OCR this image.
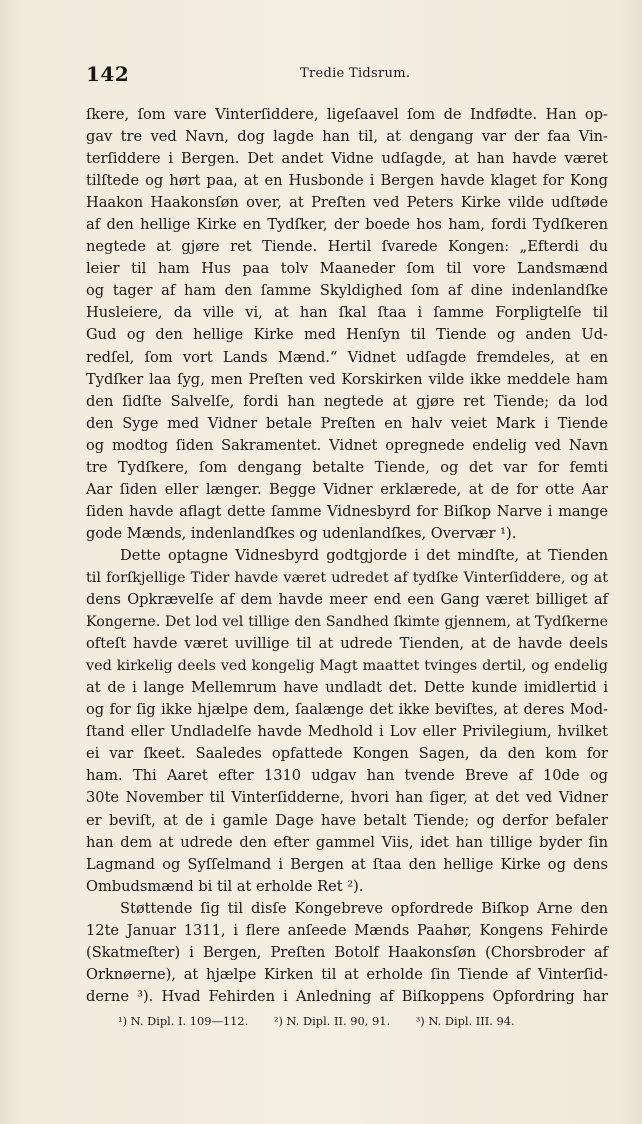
142	Tredie Tidsrum.
ſkere, ſom vare Vinterſiddere, ligeſaavel ſom de Indfødte. Han op-
gav tre ved Navn, dog lagde han til, at dengang var der faa Vin-
terſiddere i Bergen. Det andet Vidne udſagde, at han havde været
tilſtede og hørt paa, at en Husbonde i Bergen havde klaget for Kong
Haakon Haakonsſøn over, at Preſten ved Peters Kirke vilde udſtøde
af den hellige Kirke en Tydſker, der boede hos ham, fordi Tydſkeren
negtede at gjøre ret Tiende. Hertil ſvarede Kongen: „Efterdi du
leier til ham Hus paa tolv Maaneder ſom til vore Landsmænd
og tager af ham den ſamme Skyldighed ſom af dine indenlandſke
Husleiere, da ville vi, at han ſkal ſtaa i ſamme Forpligtelſe til
Gud og den hellige Kirke med Henſyn til Tiende og anden Ud-
redſel, ſom vort Lands Mænd.“ Vidnet udſagde fremdeles, at en
Tydſker laa ſyg, men Preſten ved Korskirken vilde ikke meddele ham
den ſidſte Salvelſe, fordi han negtede at gjøre ret Tiende; da lod
den Syge med Vidner betale Preſten en halv veiet Mark i Tiende
og modtog ſiden Sakramentet. Vidnet opregnede endelig ved Navn
tre Tydſkere, ſom dengang betalte Tiende, og det var for femti
Aar ſiden eller længer. Begge Vidner erklærede, at de for otte Aar
ſiden havde aflagt dette ſamme Vidnesbyrd for Biſkop Narve i mange
gode Mænds, indenlandſkes og udenlandſkes, Overvær ¹).
Dette optagne Vidnesbyrd godtgjorde i det mindſte, at Tienden
til forſkjellige Tider havde været udredet af tydſke Vinterſiddere, og at
dens Opkrævelſe af dem havde meer end een Gang været billiget af
Kongerne. Det lod vel tillige den Sandhed ſkimte gjennem, at Tydſkerne
ofteſt havde været uvillige til at udrede Tienden, at de havde deels
ved kirkelig deels ved kongelig Magt maattet tvinges dertil, og endelig
at de i lange Mellemrum have undladt det. Dette kunde imidlertid i
og for ſig ikke hjælpe dem, ſaalænge det ikke beviſtes, at deres Mod-
ſtand eller Undladelſe havde Medhold i Lov eller Privilegium, hvilket
ei var ſkeet. Saaledes opfattede Kongen Sagen, da den kom for
ham. Thi Aaret efter 1310 udgav han tvende Breve af 10de og
30te November til Vinterſidderne, hvori han ſiger, at det ved Vidner
er beviſt, at de i gamle Dage have betalt Tiende; og derfor befaler
han dem at udrede den efter gammel Viis, idet han tillige byder ſin
Lagmand og Syſſelmand i Bergen at ſtaa den hellige Kirke og dens
Ombudsmænd bi til at erholde Ret ²).
Støttende ſig til disſe Kongebreve opfordrede Biſkop Arne den
12te Januar 1311, i flere anſeede Mænds Paahør, Kongens Fehirde
(Skatmeſter) i Bergen, Preſten Botolf Haakonsſøn (Chorsbroder af
Orknøerne), at hjælpe Kirken til at erholde ſin Tiende af Vinterſid-
derne ³). Hvad Fehirden i Anledning af Biſkoppens Opfordring har
¹) N. Dipl. I. 109—112. ²) N. Dipl. II. 90, 91. ³) N. Dipl. III. 94.
